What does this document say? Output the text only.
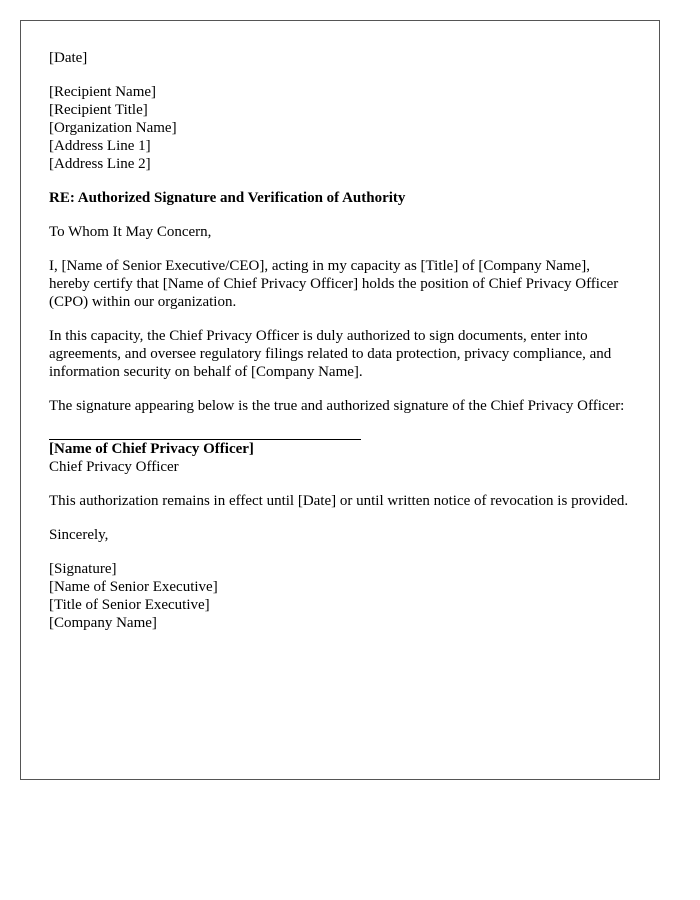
[Date]
[Recipient Name]
[Recipient Title]
[Organization Name]
[Address Line 1]
[Address Line 2]

RE: Authorized Signature and Verification of Authority

To Whom It May Concern,

I, [Name of Senior Executive/CEO], acting in my capacity as [Title] of [Company Name], hereby certify that [Name of Chief Privacy Officer] holds the position of Chief Privacy Officer (CPO) within our organization.

In this capacity, the Chief Privacy Officer is duly authorized to sign documents, enter into agreements, and oversee regulatory filings related to data protection, privacy compliance, and information security on behalf of [Company Name].

The signature appearing below is the true and authorized signature of the Chief Privacy Officer:

[Name of Chief Privacy Officer]
Chief Privacy Officer

This authorization remains in effect until [Date] or until written notice of revocation is provided.

Sincerely,

[Signature]
[Name of Senior Executive]
[Title of Senior Executive]
[Company Name]
